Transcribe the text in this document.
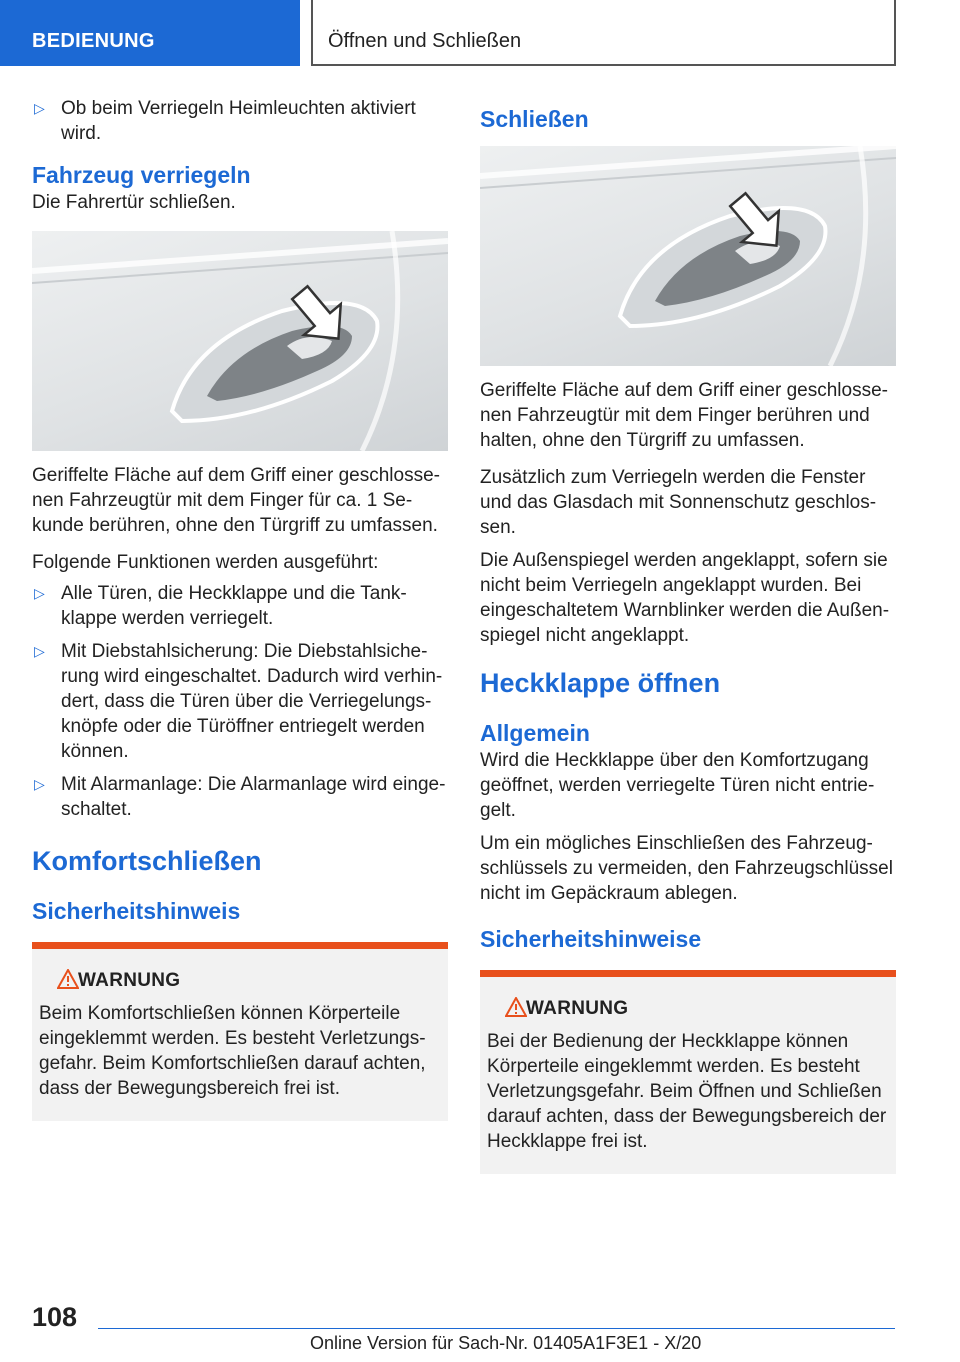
BEDIENUNG	Öffnen und Schließen
▷ Ob beim Verriegeln Heimleuchten aktiviert wird.
Fahrzeug verriegeln

Die Fahrertür schließen.

Geriffelte Fläche auf dem Griff einer geschlosse-nen Fahrzeugtür mit dem Finger für ca. 1 Se-kunde berühren, ohne den Türgriff zu umfassen.

Folgende Funktionen werden ausgeführt:

▷ Alle Türen, die Heckklappe und die Tank-klappe werden verriegelt.
▷ Mit Diebstahlsicherung: Die Diebstahlsiche-rung wird eingeschaltet. Dadurch wird verhin-dert, dass die Türen über die Verriegelungs-knöpfe oder die Türöffner entriegelt werden können.
▷ Mit Alarmanlage: Die Alarmanlage wird einge-schaltet.
Komfortschließen
Sicherheitshinweis
WARNUNG

Beim Komfortschließen können Körperteile eingeklemmt werden. Es besteht Verletzungs-gefahr. Beim Komfortschließen darauf achten, dass der Bewegungsbereich frei ist.

Schließen

Geriffelte Fläche auf dem Griff einer geschlosse-nen Fahrzeugtür mit dem Finger berühren und halten, ohne den Türgriff zu umfassen.

Zusätzlich zum Verriegeln werden die Fenster und das Glasdach mit Sonnenschutz geschlos-sen.

Die Außenspiegel werden angeklappt, sofern sie nicht beim Verriegeln angeklappt wurden. Bei eingeschaltetem Warnblinker werden die Außen-spiegel nicht angeklappt.

Heckklappe öffnen
Allgemein

Wird die Heckklappe über den Komfortzugang geöffnet, werden verriegelte Türen nicht entrie-gelt.

Um ein mögliches Einschließen des Fahrzeug-schlüssels zu vermeiden, den Fahrzeugschlüssel nicht im Gepäckraum ablegen.

Sicherheitshinweise
WARNUNG

Bei der Bedienung der Heckklappe können Körperteile eingeklemmt werden. Es besteht Verletzungsgefahr. Beim Öffnen und Schließen darauf achten, dass der Bewegungsbereich der Heckklappe frei ist.

108
Online Version für Sach-Nr. 01405A1F3E1 - X/20
